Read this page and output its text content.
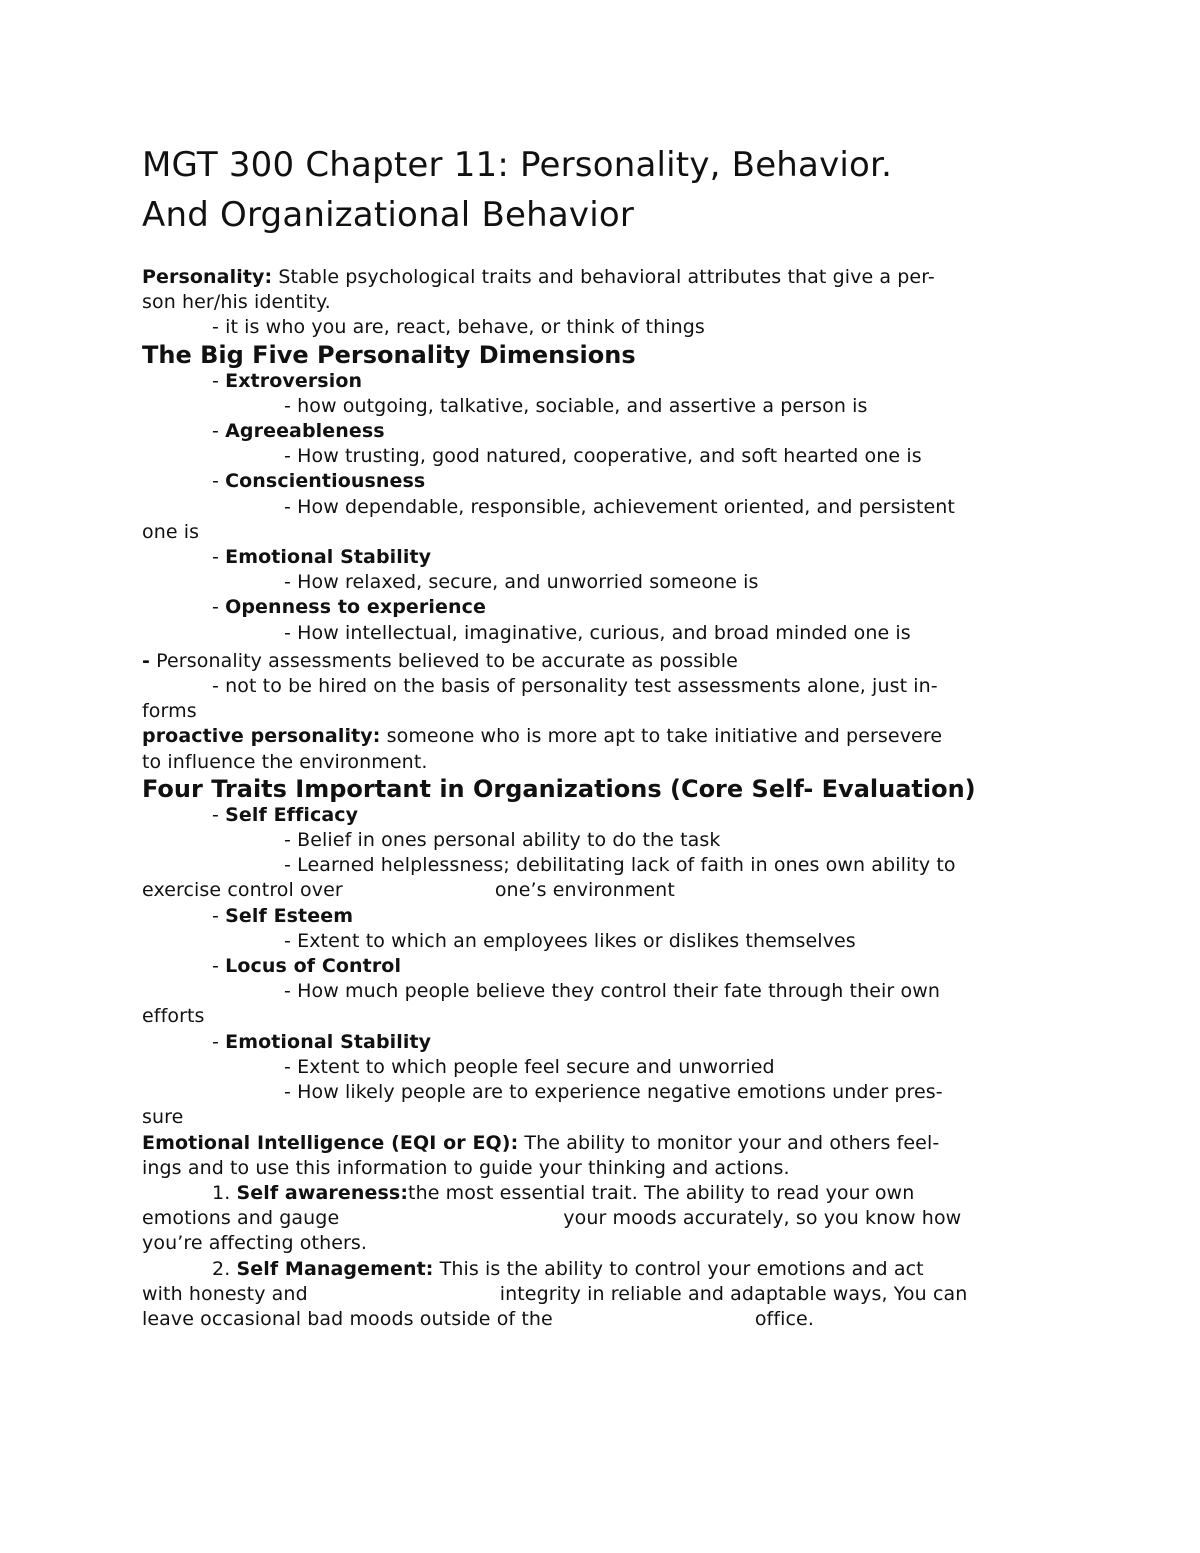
MGT 300 Chapter 11: Personality, Behavior.
And Organizational Behavior
Personality: Stable psychological traits and behavioral attributes that give a per-
son her/his identity.
- it is who you are, react, behave, or think of things
The Big Five Personality Dimensions
- Extroversion
- how outgoing, talkative, sociable, and assertive a person is
- Agreeableness
- How trusting, good natured, cooperative, and soft hearted one is
- Conscientiousness
- How dependable, responsible, achievement oriented, and persistent
one is
- Emotional Stability
- How relaxed, secure, and unworried someone is
- Openness to experience
- How intellectual, imaginative, curious, and broad minded one is
- Personality assessments believed to be accurate as possible
- not to be hired on the basis of personality test assessments alone, just in-
forms
proactive personality: someone who is more apt to take initiative and persevere
to influence the environment.
Four Traits Important in Organizations (Core Self- Evaluation)
- Self Efficacy
- Belief in ones personal ability to do the task
- Learned helplessness; debilitating lack of faith in ones own ability to
exercise control over	one’s environment
- Self Esteem
- Extent to which an employees likes or dislikes themselves
- Locus of Control
- How much people believe they control their fate through their own
efforts
- Emotional Stability
- Extent to which people feel secure and unworried
- How likely people are to experience negative emotions under pres-
sure
Emotional Intelligence (EQI or EQ): The ability to monitor your and others feel-
ings and to use this information to guide your thinking and actions.
1. Self awareness:the most essential trait. The ability to read your own
emotions and gauge	your moods accurately, so you know how
you’re affecting others.
2. Self Management: This is the ability to control your emotions and act
with honesty and	integrity in reliable and adaptable ways, You can
leave occasional bad moods outside of the	office.
